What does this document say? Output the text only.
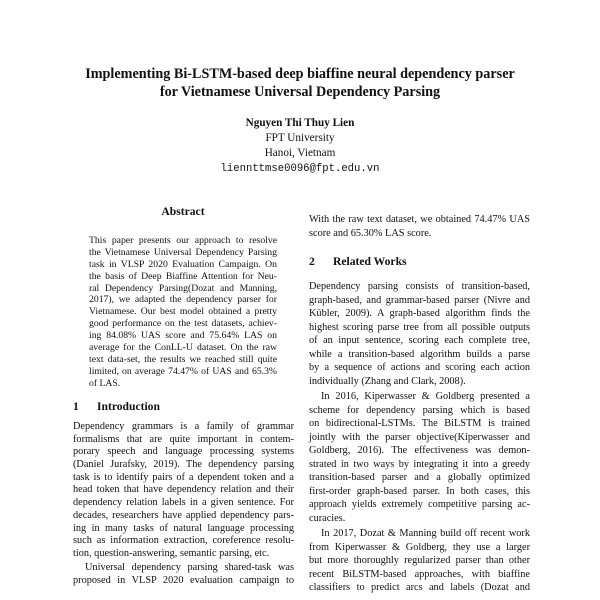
Implementing Bi-LSTM-based deep biaffine neural dependency parser
for Vietnamese Universal Dependency Parsing
Nguyen Thi Thuy Lien
FPT University
Hanoi, Vietnam
liennttmse0096@fpt.edu.vn
Abstract
This paper presents our approach to resolve
the Vietnamese Universal Dependency Parsing
task in VLSP 2020 Evaluation Campaign. On
the basis of Deep Biaffine Attention for Neu-
ral Dependency Parsing(Dozat and Manning,
2017), we adapted the dependency parser for
Vietnamese. Our best model obtained a pretty
good performance on the test datasets, achiev-
ing 84.08% UAS score and 75.64% LAS on
average for the ConLL-U dataset. On the raw
text data-set, the results we reached still quite
limited, on average 74.47% of UAS and 65.3%
of LAS.
1 Introduction
Dependency grammars is a family of grammar
formalisms that are quite important in contem-
porary speech and language processing systems
(Daniel Jurafsky, 2019). The dependency parsing
task is to identify pairs of a dependent token and a
head token that have dependency relation and their
dependency relation labels in a given sentence. For
decades, researchers have applied dependency pars-
ing in many tasks of natural language processing
such as information extraction, coreference resolu-
tion, question-answering, semantic parsing, etc.
Universal dependency parsing shared-task was
proposed in VLSP 2020 evaluation campaign to
With the raw text dataset, we obtained 74.47% UAS
score and 65.30% LAS score.
2 Related Works
Dependency parsing consists of transition-based,
graph-based, and grammar-based parser (Nivre and
Kübler, 2009). A graph-based algorithm finds the
highest scoring parse tree from all possible outputs
of an input sentence, scoring each complete tree,
while a transition-based algorithm builds a parse
by a sequence of actions and scoring each action
individually (Zhang and Clark, 2008).
In 2016, Kiperwasser & Goldberg presented a
scheme for dependency parsing which is based
on bidirectional-LSTMs. The BiLSTM is trained
jointly with the parser objective(Kiperwasser and
Goldberg, 2016). The effectiveness was demon-
strated in two ways by integrating it into a greedy
transition-based parser and a globally optimized
first-order graph-based parser. In both cases, this
approach yields extremely competitive parsing ac-
curacies.
In 2017, Dozat & Manning build off recent work
from Kiperwasser & Goldberg, they use a larger
but more thoroughly regularized parser than other
recent BiLSTM-based approaches, with biaffine
classifiers to predict arcs and labels (Dozat and
